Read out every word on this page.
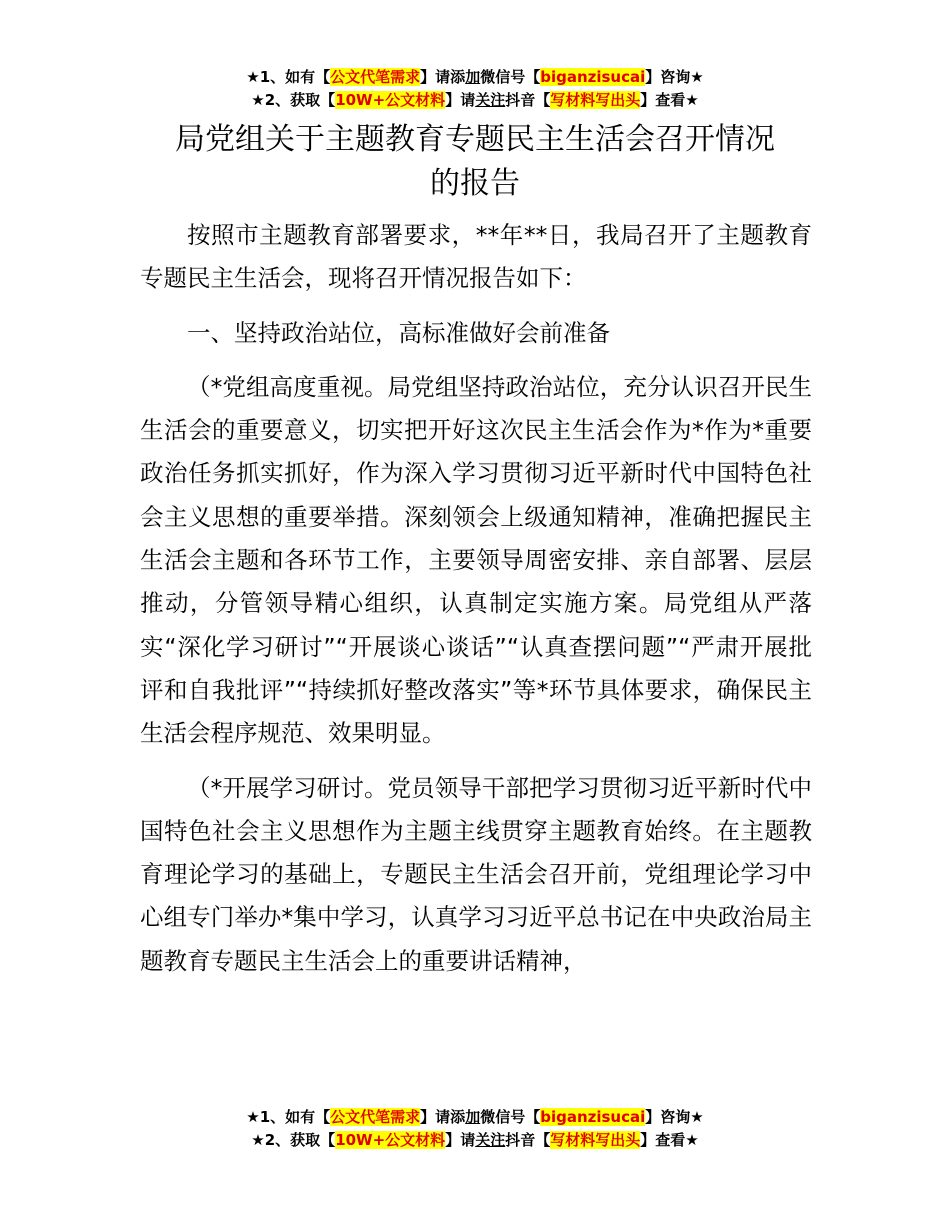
★1、如有【公文代笔需求】请添加微信号【biganzisucai】咨询★
★2、获取【10W+公文材料】请关注抖音【写材料写出头】查看★
局党组关于主题教育专题民主生活会召开情况
的报告

按照市主题教育部署要求，**年**日，我局召开了主题教育专题民主生活会，现将召开情况报告如下：

一、坚持政治站位，高标准做好会前准备

（*党组高度重视。局党组坚持政治站位，充分认识召开民生生活会的重要意义，切实把开好这次民主生活会作为*作为*重要政治任务抓实抓好，作为深入学习贯彻习近平新时代中国特色社会主义思想的重要举措。深刻领会上级通知精神，准确把握民主生活会主题和各环节工作，主要领导周密安排、亲自部署、层层推动，分管领导精心组织，认真制定实施方案。局党组从严落实“深化学习研讨”“开展谈心谈话”“认真查摆问题”“严肃开展批评和自我批评”“持续抓好整改落实”等*环节具体要求，确保民主生活会程序规范、效果明显。

（*开展学习研讨。党员领导干部把学习贯彻习近平新时代中国特色社会主义思想作为主题主线贯穿主题教育始终。在主题教育理论学习的基础上，专题民主生活会召开前，党组理论学习中心组专门举办*集中学习，认真学习习近平总书记在中央政治局主题教育专题民主生活会上的重要讲话精神，

★1、如有【公文代笔需求】请添加微信号【biganzisucai】咨询★
★2、获取【10W+公文材料】请关注抖音【写材料写出头】查看★
